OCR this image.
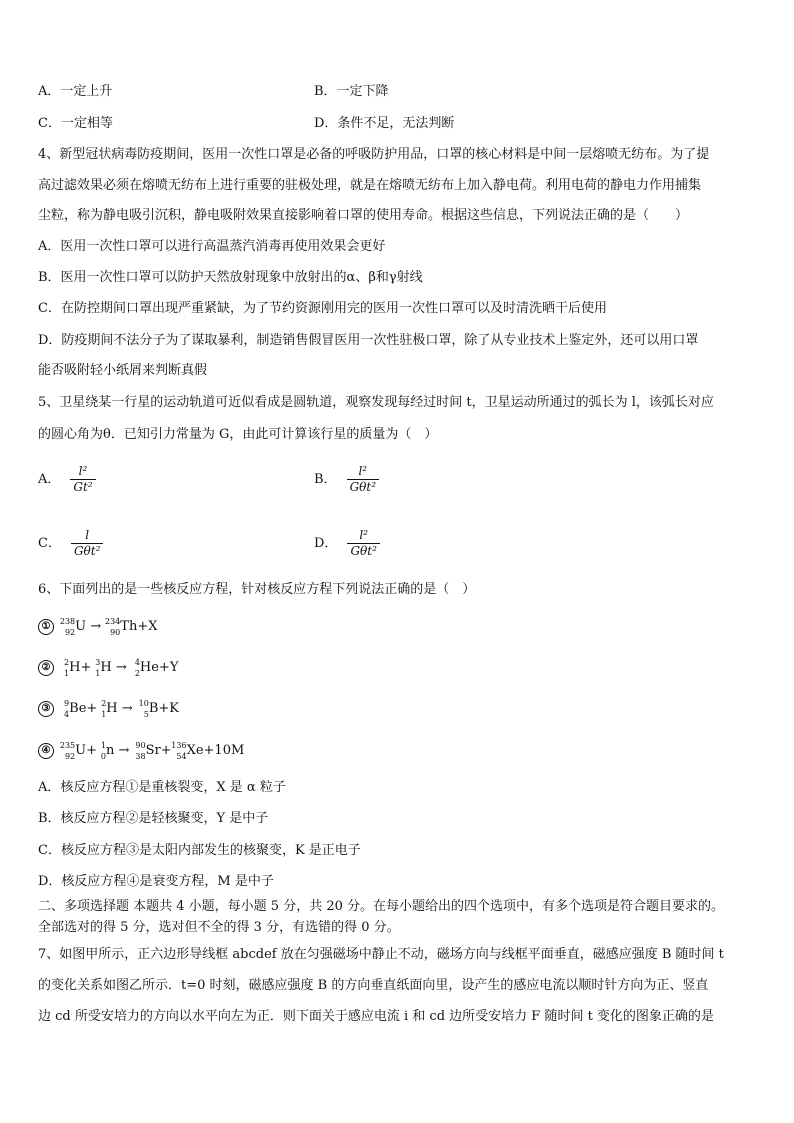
A．一定上升	B．一定下降
C．一定相等	D．条件不足，无法判断
4、新型冠状病毒防疫期间，医用一次性口罩是必备的呼吸防护用品，口罩的核心材料是中间一层熔喷无纺布。为了提
高过滤效果必须在熔喷无纺布上进行重要的驻极处理，就是在熔喷无纺布上加入静电荷。利用电荷的静电力作用捕集
尘粒，称为静电吸引沉积，静电吸附效果直接影响着口罩的使用寿命。根据这些信息，下列说法正确的是（　　）
A．医用一次性口罩可以进行高温蒸汽消毒再使用效果会更好
B．医用一次性口罩可以防护天然放射现象中放射出的α、β和γ射线
C．在防控期间口罩出现严重紧缺，为了节约资源刚用完的医用一次性口罩可以及时清洗晒干后使用
D．防疫期间不法分子为了谋取暴利，制造销售假冒医用一次性驻极口罩，除了从专业技术上鉴定外，还可以用口罩
能否吸附轻小纸屑来判断真假
5、卫星绕某一行星的运动轨道可近似看成是圆轨道，观察发现每经过时间 t，卫星运动所通过的弧长为 l，该弧长对应
的圆心角为θ．已知引力常量为 G，由此可计算该行星的质量为（　）
A． $\frac{\text{l²}}{\text{Gt²}}$	B． $\frac{\text{l²}}{\text{Gθt²}}$
C． $\frac{l}{\text{Gθt²}}$	D． $\frac{\text{l²}}{\text{Gθt²}}$
6、下面列出的是一些核反应方程，针对核反应方程下列说法正确的是（　）
① 238
92 U → 234
90 Th+X
② 2
1 H+ 3
1 H → 4
2 He+Y
③ 9
4 Be+ 2
1 H → 10
5 B+K
④ 235
92 U+ 1
0 n → 90
38 Sr+ 136
54 Xe+10M
A．核反应方程①是重核裂变，X 是 α 粒子
B．核反应方程②是轻核聚变，Y 是中子
C．核反应方程③是太阳内部发生的核聚变，K 是正电子
D．核反应方程④是衰变方程，M 是中子
二、多项选择题 本题共 4 小题，每小题 5 分，共 20 分。在每小题给出的四个选项中，有多个选项是符合题目要求的。
全部选对的得 5 分，选对但不全的得 3 分，有选错的得 0 分。
7、如图甲所示，正六边形导线框 abcdef 放在匀强磁场中静止不动，磁场方向与线框平面垂直，磁感应强度 B 随时间 t
的变化关系如图乙所示．t=0 时刻，磁感应强度 B 的方向垂直纸面向里，设产生的感应电流以顺时针方向为正、竖直
边 cd 所受安培力的方向以水平向左为正．则下面关于感应电流 i 和 cd 边所受安培力 F 随时间 t 变化的图象正确的是
